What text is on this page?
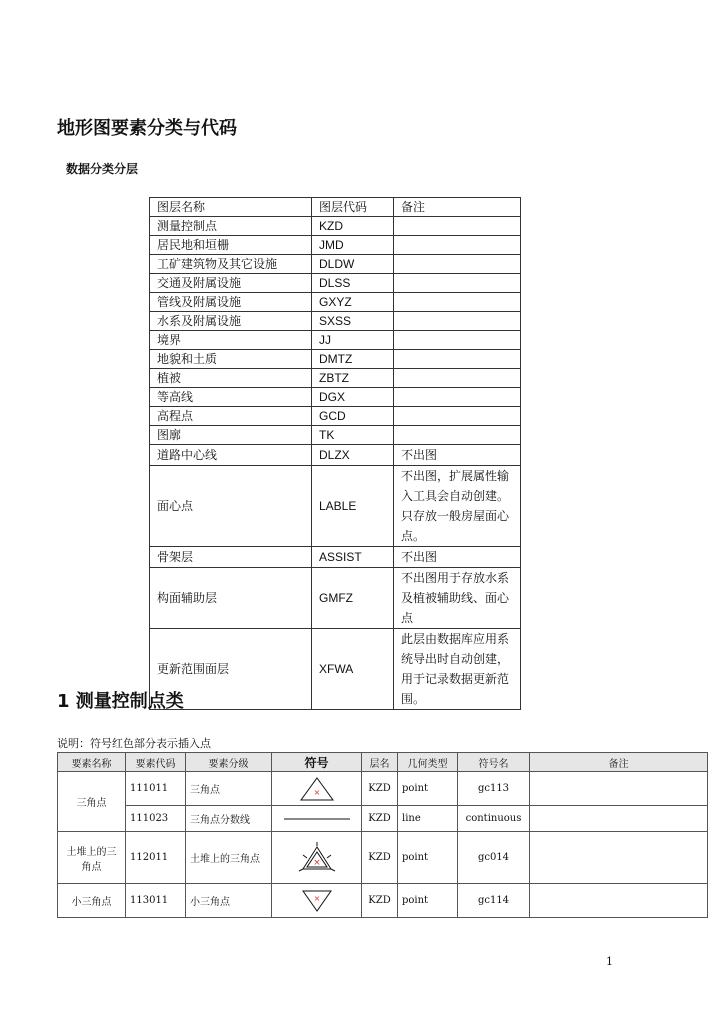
地形图要素分类与代码
数据分类分层
图层名称	图层代码	备注
测量控制点	KZD	
居民地和垣栅	JMD	
工矿建筑物及其它设施	DLDW	
交通及附属设施	DLSS	
管线及附属设施	GXYZ	
水系及附属设施	SXSS	
境界	JJ	
地貌和土质	DMTZ	
植被	ZBTZ	
等高线	DGX	
高程点	GCD	
图廓	TK	
道路中心线	DLZX	不出图
面心点	LABLE	不出图，扩展属性输入工具会自动创建。只存放一般房屋面心点。
骨架层	ASSIST	不出图
构面辅助层	GMFZ	不出图用于存放水系及植被辅助线、面心点
更新范围面层	XFWA	此层由数据库应用系统导出时自动创建，用于记录数据更新范围。
1 测量控制点类

说明：符号红色部分表示插入点

要素名称	要素代码	要素分级	符号	层名	几何类型	符号名	备注
三角点	111011	三角点	×	KZD	point	gc113	
	111023	三角点分数线		KZD	line	continuous	
土堆上的三角点	112011	土堆上的三角点	×	KZD	point	gc014	
小三角点	113011	小三角点	×	KZD	point	gc114	
1
